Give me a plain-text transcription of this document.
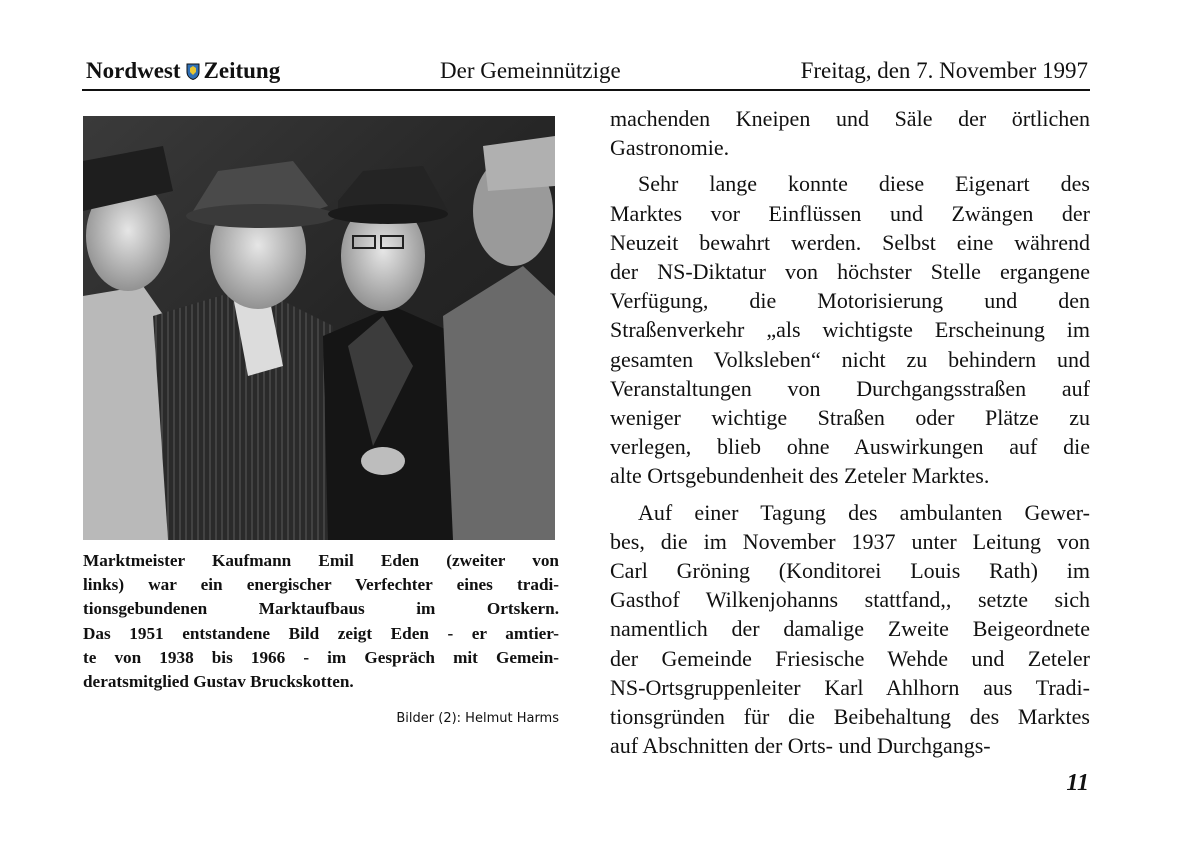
Nordwest Zeitung	Der Gemeinnützige	Freitag, den 7. November 1997
Marktmeister Kaufmann Emil Eden (zweiter von
links) war ein energischer Verfechter eines tradi-
tionsgebundenen Marktaufbaus im Ortskern.
Das 1951 entstandene Bild zeigt Eden - er amtier-
te von 1938 bis 1966 - im Gespräch mit Gemein-
deratsmitglied Gustav Bruckskotten.
Bilder (2): Helmut Harms

machenden Kneipen und Säle der örtlichen
Gastronomie.

Sehr lange konnte diese Eigenart des
Marktes vor Einflüssen und Zwängen der
Neuzeit bewahrt werden. Selbst eine während
der NS-Diktatur von höchster Stelle ergangene
Verfügung, die Motorisierung und den
Straßenverkehr „als wichtigste Erscheinung im
gesamten Volksleben“ nicht zu behindern und
Veranstaltungen von Durchgangsstraßen auf
weniger wichtige Straßen oder Plätze zu
verlegen, blieb ohne Auswirkungen auf die
alte Ortsgebundenheit des Zeteler Marktes.

Auf einer Tagung des ambulanten Gewer-
bes, die im November 1937 unter Leitung von
Carl Gröning (Konditorei Louis Rath) im
Gasthof Wilkenjohanns stattfand,, setzte sich
namentlich der damalige Zweite Beigeordnete
der Gemeinde Friesische Wehde und Zeteler
NS-Ortsgruppenleiter Karl Ahlhorn aus Tradi-
tionsgründen für die Beibehaltung des Marktes
auf Abschnitten der Orts- und Durchgangs-

11
